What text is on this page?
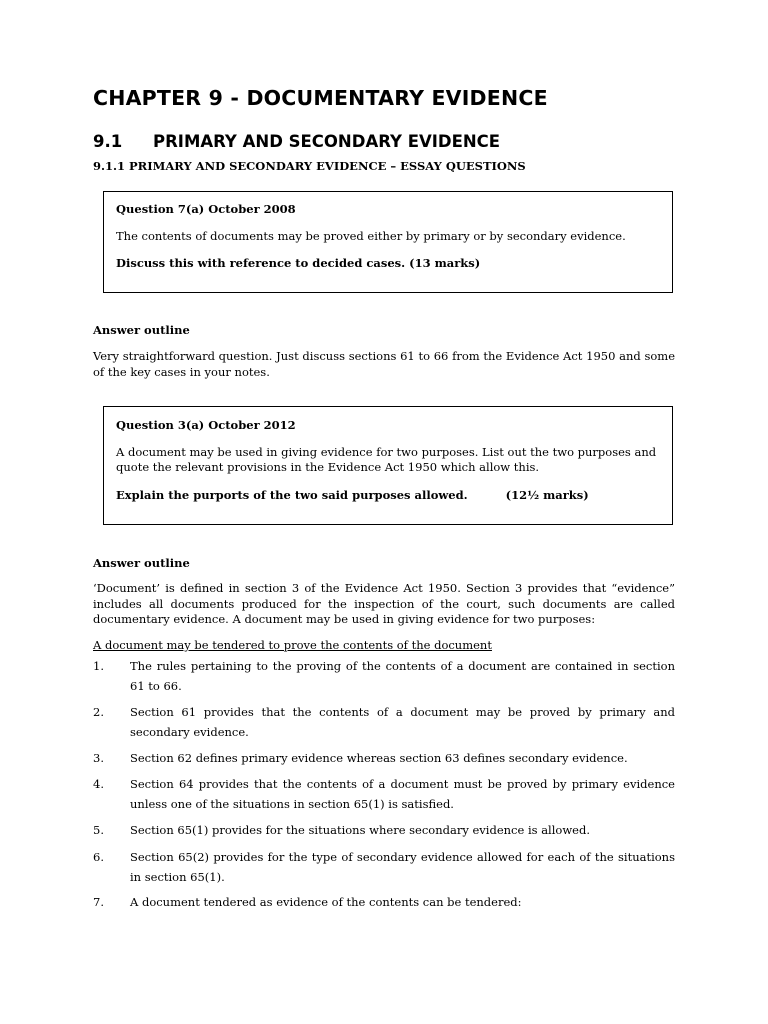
CHAPTER 9 - DOCUMENTARY EVIDENCE
9.1 PRIMARY AND SECONDARY EVIDENCE
9.1.1 PRIMARY AND SECONDARY EVIDENCE – ESSAY QUESTIONS

Question 7(a) October 2008

The contents of documents may be proved either by primary or by secondary evidence.

Discuss this with reference to decided cases. (13 marks)

Answer outline
Very straightforward question. Just discuss sections 61 to 66 from the Evidence Act 1950 and some of the key cases in your notes.

Question 3(a) October 2012

A document may be used in giving evidence for two purposes. List out the two purposes and quote the relevant provisions in the Evidence Act 1950 which allow this.

Explain the purports of the two said purposes allowed.	(12½ marks)

Answer outline
‘Document’ is defined in section 3 of the Evidence Act 1950. Section 3 provides that “evidence” includes all documents produced for the inspection of the court, such documents are called documentary evidence. A document may be used in giving evidence for two purposes:
A document may be tendered to prove the contents of the document
1. The rules pertaining to the proving of the contents of a document are contained in section 61 to 66.
2. Section 61 provides that the contents of a document may be proved by primary and secondary evidence.
3. Section 62 defines primary evidence whereas section 63 defines secondary evidence.
4. Section 64 provides that the contents of a document must be proved by primary evidence unless one of the situations in section 65(1) is satisfied.
5. Section 65(1) provides for the situations where secondary evidence is allowed.
6. Section 65(2) provides for the type of secondary evidence allowed for each of the situations in section 65(1).
7. A document tendered as evidence of the contents can be tendered:
